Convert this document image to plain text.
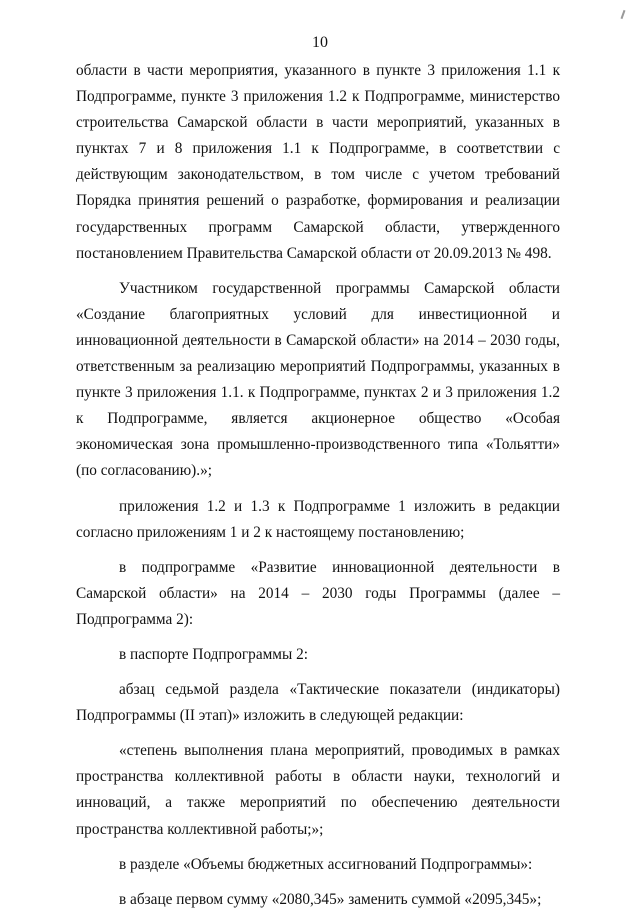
10

области в части мероприятия, указанного в пункте 3 приложения 1.1 к Подпрограмме, пункте 3 приложения 1.2 к Подпрограмме, министерство строительства Самарской области в части мероприятий, указанных в пунктах 7 и 8 приложения 1.1 к Подпрограмме, в соответствии с действующим законодательством, в том числе с учетом требований Порядка принятия решений о разработке, формирования и реализации государственных программ Самарской области, утвержденного постановлением Правительства Самарской области от 20.09.2013 № 498.

Участником государственной программы Самарской области «Создание благоприятных условий для инвестиционной и инновационной деятельности в Самарской области» на 2014 – 2030 годы, ответственным за реализацию мероприятий Подпрограммы, указанных в пункте 3 приложения 1.1. к Подпрограмме, пунктах 2 и 3 приложения 1.2 к Подпрограмме, является акционерное общество «Особая экономическая зона промышленно-производственного типа «Тольятти» (по согласованию).»;

приложения 1.2 и 1.3 к Подпрограмме 1 изложить в редакции согласно приложениям 1 и 2 к настоящему постановлению;

в подпрограмме «Развитие инновационной деятельности в Самарской области» на 2014 – 2030 годы Программы (далее – Подпрограмма 2):

в паспорте Подпрограммы 2:

абзац седьмой раздела «Тактические показатели (индикаторы) Подпрограммы (II этап)» изложить в следующей редакции:

«степень выполнения плана мероприятий, проводимых в рамках пространства коллективной работы в области науки, технологий и инноваций, а также мероприятий по обеспечению деятельности пространства коллективной работы;»;

в разделе «Объемы бюджетных ассигнований Подпрограммы»:

в абзаце первом сумму «2080,345» заменить суммой «2095,345»;
